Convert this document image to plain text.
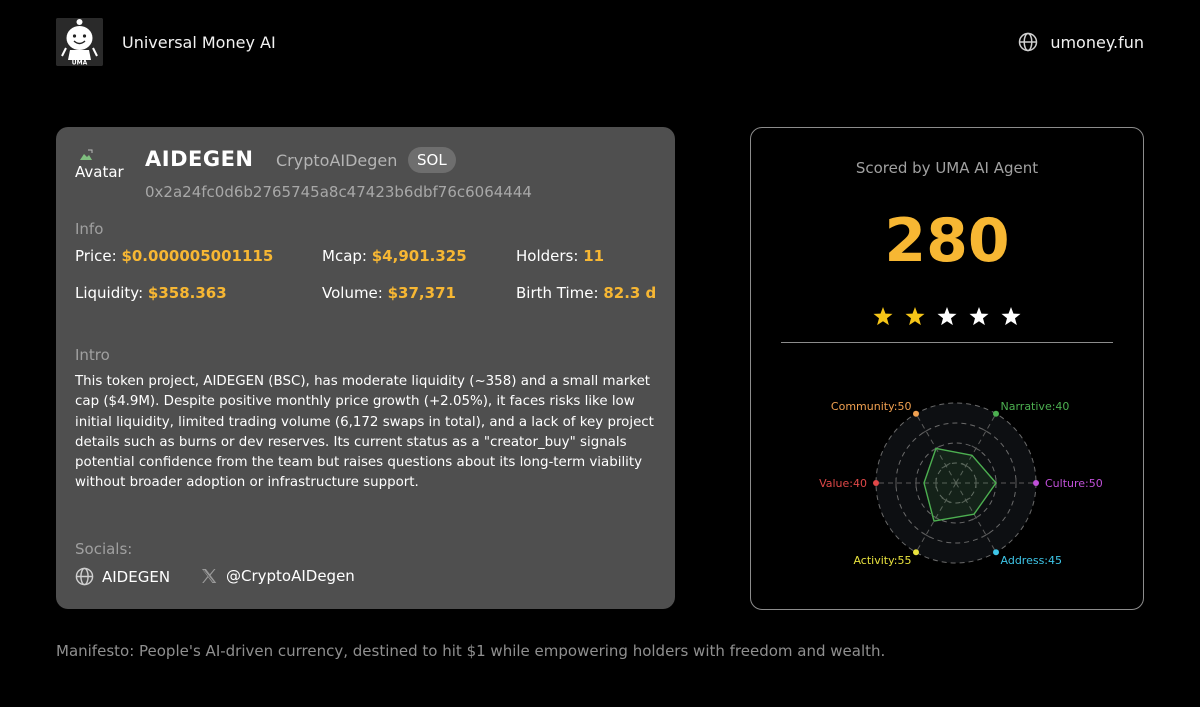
UMA
Universal Money AI	umoney.fun
Avatar
AIDEGEN CryptoAIDegen	SOL
0x2a24fc0d6b2765745a8c47423b6dbf76c6064444
Info
Price: $0.000005001115	Mcap: $4,901.325	Holders: 11
Liquidity: $358.363	Volume: $37,371	Birth Time: 82.3 d
Intro
This token project, AIDEGEN (BSC), has moderate liquidity (~358) and a small market cap ($4.9M). Despite positive monthly price growth (+2.05%), it faces risks like low initial liquidity, limited trading volume (6,172 swaps in total), and a lack of key project details such as burns or dev reserves. Its current status as a "creator_buy" signals potential confidence from the team but raises questions about its long-term viability without broader adoption or infrastructure support.
Socials:
AIDEGEN	@CryptoAIDegen
Scored by UMA AI Agent
280
Narrative:40
Culture:50
Address:45
Activity:55
Value:40
Community:50
Manifesto: People's AI-driven currency, destined to hit $1 while empowering holders with freedom and wealth.
